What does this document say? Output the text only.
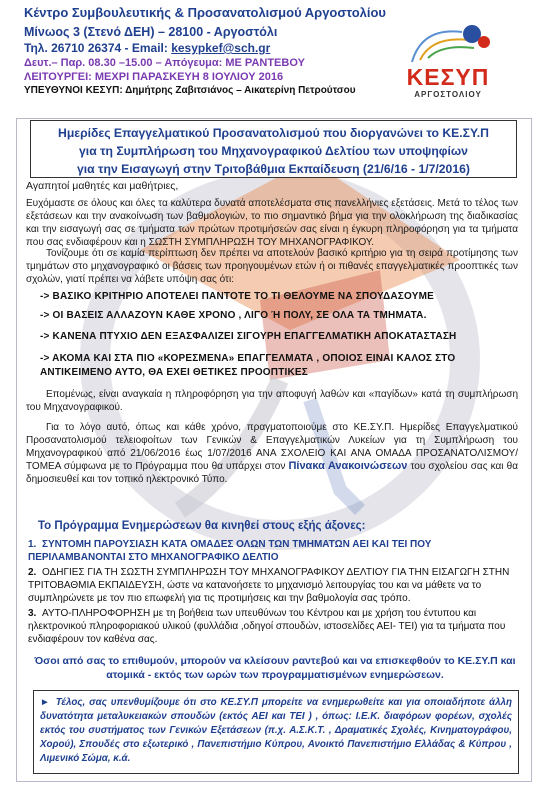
Κέντρο Συμβουλευτικής & Προσανατολισμού Αργοστολίου
Μίνωος 3 (Στενό ΔΕΗ) – 28100 - Αργοστόλι
Τηλ. 26710 26374 - Email: kesypkef@sch.gr
Δευτ.– Παρ. 08.30 –15.00 – Απόγευμα: ΜΕ ΡΑΝΤΕΒΟΥ
ΛΕΙΤΟΥΡΓΕΙ: ΜΕΧΡΙ ΠΑΡΑΣΚΕΥΗ 8 ΙΟΥΛΙΟΥ 2016
ΥΠΕΥΘΥΝΟΙ ΚΕΣΥΠ: Δημήτρης Ζαβιτσιάνος – Αικατερίνη Πετρούτσου
ΚΕΣΥΠ
ΑΡΓΟΣΤΟΛΙΟΥ
Ημερίδες Επαγγελματικού Προσανατολισμού που διοργανώνει το ΚΕ.ΣΥ.Π
για τη Συμπλήρωση του Μηχανογραφικού Δελτίου των υποψηφίων
για την Εισαγωγή στην Τριτοβάθμια Εκπαίδευση (21/6/16 - 1/7/2016)
Αγαπητοί μαθητές και μαθήτριες,
Ευχόμαστε σε όλους και όλες τα καλύτερα δυνατά αποτελέσματα στις πανελλήνιες εξετάσεις. Μετά το τέλος των εξετάσεων και την ανακοίνωση των βαθμολογιών, το πιο σημαντικό βήμα για την ολοκλήρωση της διαδικασίας και την εισαγωγή σας σε τμήματα των πρώτων προτιμήσεών σας είναι η έγκυρη πληροφόρηση για τα τμήματα που σας ενδιαφέρουν και η ΣΩΣΤΗ ΣΥΜΠΛΗΡΩΣΗ ΤΟΥ ΜΗΧΑΝΟΓΡΑΦΙΚΟΥ.
Τονίζουμε ότι σε καμία περίπτωση δεν πρέπει να αποτελούν βασικό κριτήριο για τη σειρά προτίμησης των τμημάτων στο μηχανογραφικό οι βάσεις των προηγουμένων ετών ή οι πιθανές επαγγελματικές προοπτικές των σχολών, γιατί πρέπει να λάβετε υπόψη σας ότι:
-> ΒΑΣΙΚΟ ΚΡΙΤΗΡΙΟ ΑΠΟΤΕΛΕΙ ΠΑΝΤΟΤΕ ΤΟ ΤΙ ΘΕΛΟΥΜΕ ΝΑ ΣΠΟΥΔΑΣΟΥΜΕ
-> ΟΙ ΒΑΣΕΙΣ ΑΛΛΑΖΟΥΝ ΚΑΘΕ ΧΡΟΝΟ , ΛΙΓΟ Ή ΠΟΛΥ, ΣΕ ΟΛΑ ΤΑ ΤΜΗΜΑΤΑ.
-> ΚΑΝΕΝΑ ΠΤΥΧΙΟ ΔΕΝ ΕΞΑΣΦΑΛΙΖΕΙ ΣΙΓΟΥΡΗ ΕΠΑΓΓΕΛΜΑΤΙΚΗ ΑΠΟΚΑΤΑΣΤΑΣΗ
-> ΑΚΟΜΑ ΚΑΙ ΣΤΑ ΠΙΟ «ΚΟΡΕΣΜΕΝΑ» ΕΠΑΓΓΕΛΜΑΤΑ , ΟΠΟΙΟΣ ΕΙΝΑΙ ΚΑΛΟΣ ΣΤΟ ΑΝΤΙΚΕΙΜΕΝΟ ΑΥΤΟ, ΘΑ ΕΧΕΙ ΘΕΤΙΚΕΣ ΠΡΟΟΠΤΙΚΕΣ
Επομένως, είναι αναγκαία η πληροφόρηση για την αποφυγή λαθών και «παγίδων» κατά τη συμπλήρωση του Μηχανογραφικού.
Για το λόγο αυτό, όπως και κάθε χρόνο, πραγματοποιούμε στο ΚΕ.ΣΥ.Π. Ημερίδες Επαγγελματικού Προσανατολισμού τελειοφοίτων των Γενικών & Επαγγελματικών Λυκείων για τη Συμπλήρωση του Μηχανογραφικού από 21/06/2016 έως 1/07/2016 ΑΝΑ ΣΧΟΛΕΙΟ ΚΑΙ ΑΝΑ ΟΜΑΔΑ ΠΡΟΣΑΝΑΤΟΛΙΣΜΟΥ/ΤΟΜΕΑ σύμφωνα με το Πρόγραμμα που θα υπάρχει στον Πίνακα Ανακοινώσεων του σχολείου σας και θα δημοσιευθεί και τον τοπικό ηλεκτρονικό Τύπο.
Το Πρόγραμμα Ενημερώσεων θα κινηθεί στους εξής άξονες:
1. ΣΥΝΤΟΜΗ ΠΑΡΟΥΣΙΑΣΗ ΚΑΤΑ ΟΜΑΔΕΣ ΟΛΩΝ ΤΩΝ ΤΜΗΜΑΤΩΝ ΑΕΙ ΚΑΙ ΤΕΙ ΠΟΥ ΠΕΡΙΛΑΜΒΑΝΟΝΤΑΙ ΣΤΟ ΜΗΧΑΝΟΓΡΑΦΙΚΟ ΔΕΛΤΙΟ
2. ΟΔΗΓΙΕΣ ΓΙΑ ΤΗ ΣΩΣΤΗ ΣΥΜΠΛΗΡΩΣΗ ΤΟΥ ΜΗΧΑΝΟΓΡΑΦΙΚΟΥ ΔΕΛΤΙΟΥ ΓΙΑ ΤΗΝ ΕΙΣΑΓΩΓΗ ΣΤΗΝ ΤΡΙΤΟΒΑΘΜΙΑ ΕΚΠΑΙΔΕΥΣΗ, ώστε να κατανοήσετε το μηχανισμό λειτουργίας του και να μάθετε να το συμπληρώνετε με τον πιο επωφελή για τις προτιμήσεις και την βαθμολογία σας τρόπο.
3. ΑΥΤΟ-ΠΛΗΡΟΦΟΡΗΣΗ με τη βοήθεια των υπευθύνων του Κέντρου και με χρήση του έντυπου και ηλεκτρονικού πληροφοριακού υλικού (φυλλάδια ,οδηγοί σπουδών, ιστοσελίδες ΑΕΙ- ΤΕΙ) για τα τμήματα που ενδιαφέρουν τον καθένα σας.
Όσοι από σας το επιθυμούν, μπορούν να κλείσουν ραντεβού και να επισκεφθούν το ΚΕ.ΣΥ.Π και ατομικά - εκτός των ωρών των προγραμματισμένων ενημερώσεων.
► Τέλος, σας υπενθυμίζουμε ότι στο ΚΕ.ΣΥ.Π μπορείτε να ενημερωθείτε και για οποιαδήποτε άλλη δυνατότητα μεταλυκειακών σπουδών (εκτός ΑΕΙ και ΤΕΙ ) , όπως: Ι.Ε.Κ. διαφόρων φορέων, σχολές εκτός του συστήματος των Γενικών Εξετάσεων (π.χ. Α.Σ.Κ.Τ. , Δραματικές Σχολές, Κινηματογράφου, Χορού), Σπουδές στο εξωτερικό , Πανεπιστήμιο Κύπρου, Ανοικτό Πανεπιστήμιο Ελλάδας & Κύπρου , Λιμενικό Σώμα, κ.ά.
